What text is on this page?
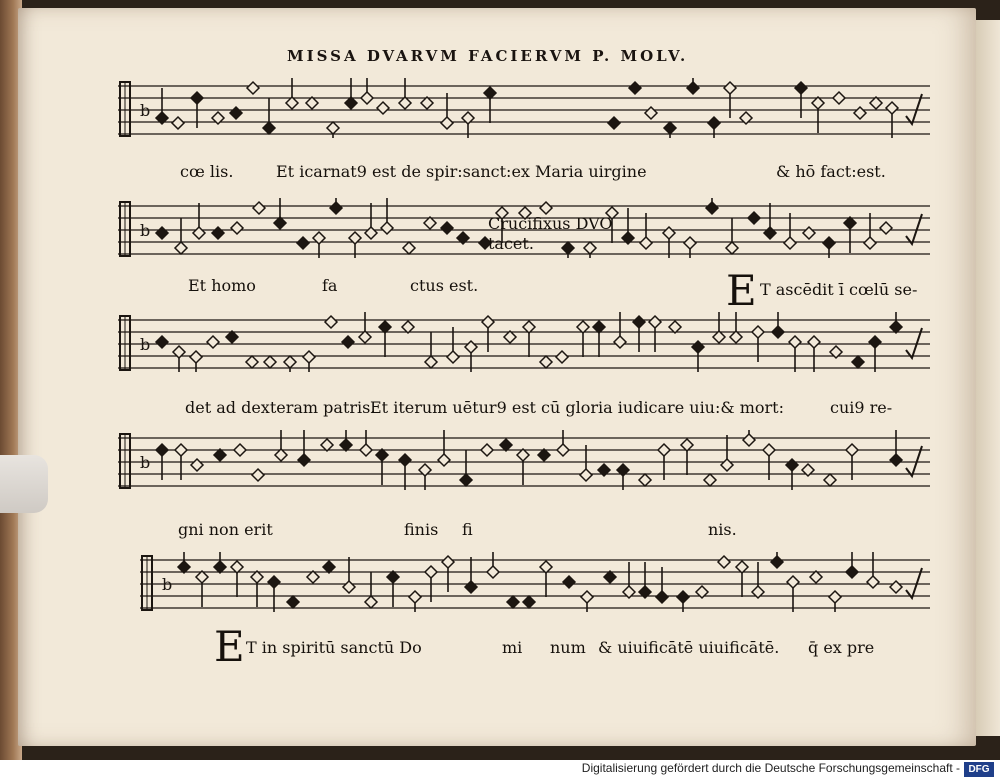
MISSA DVARVM FACIERVM P. MOLV.
b
b
b
b
b
cœ lis.	Et icarnat9 est de spir:sanct:ex Maria uirgine	& hō fact:est.
Crucifixus DVO tacet.
Et homo	fa	ctus est.	E T ascēdit ī cœlū se-
det ad dexteram patris.
Et iterum uētur9 est cū gloria iudicare uiu:& mort:	cui9 re-
gni non erit	finis fi	nis.
E T in spiritū sanctū Do	mi num & uiuificātē uiuificātē. q̄ ex pre
Digitalisierung gefördert durch die Deutsche Forschungsgemeinschaft - DFG
